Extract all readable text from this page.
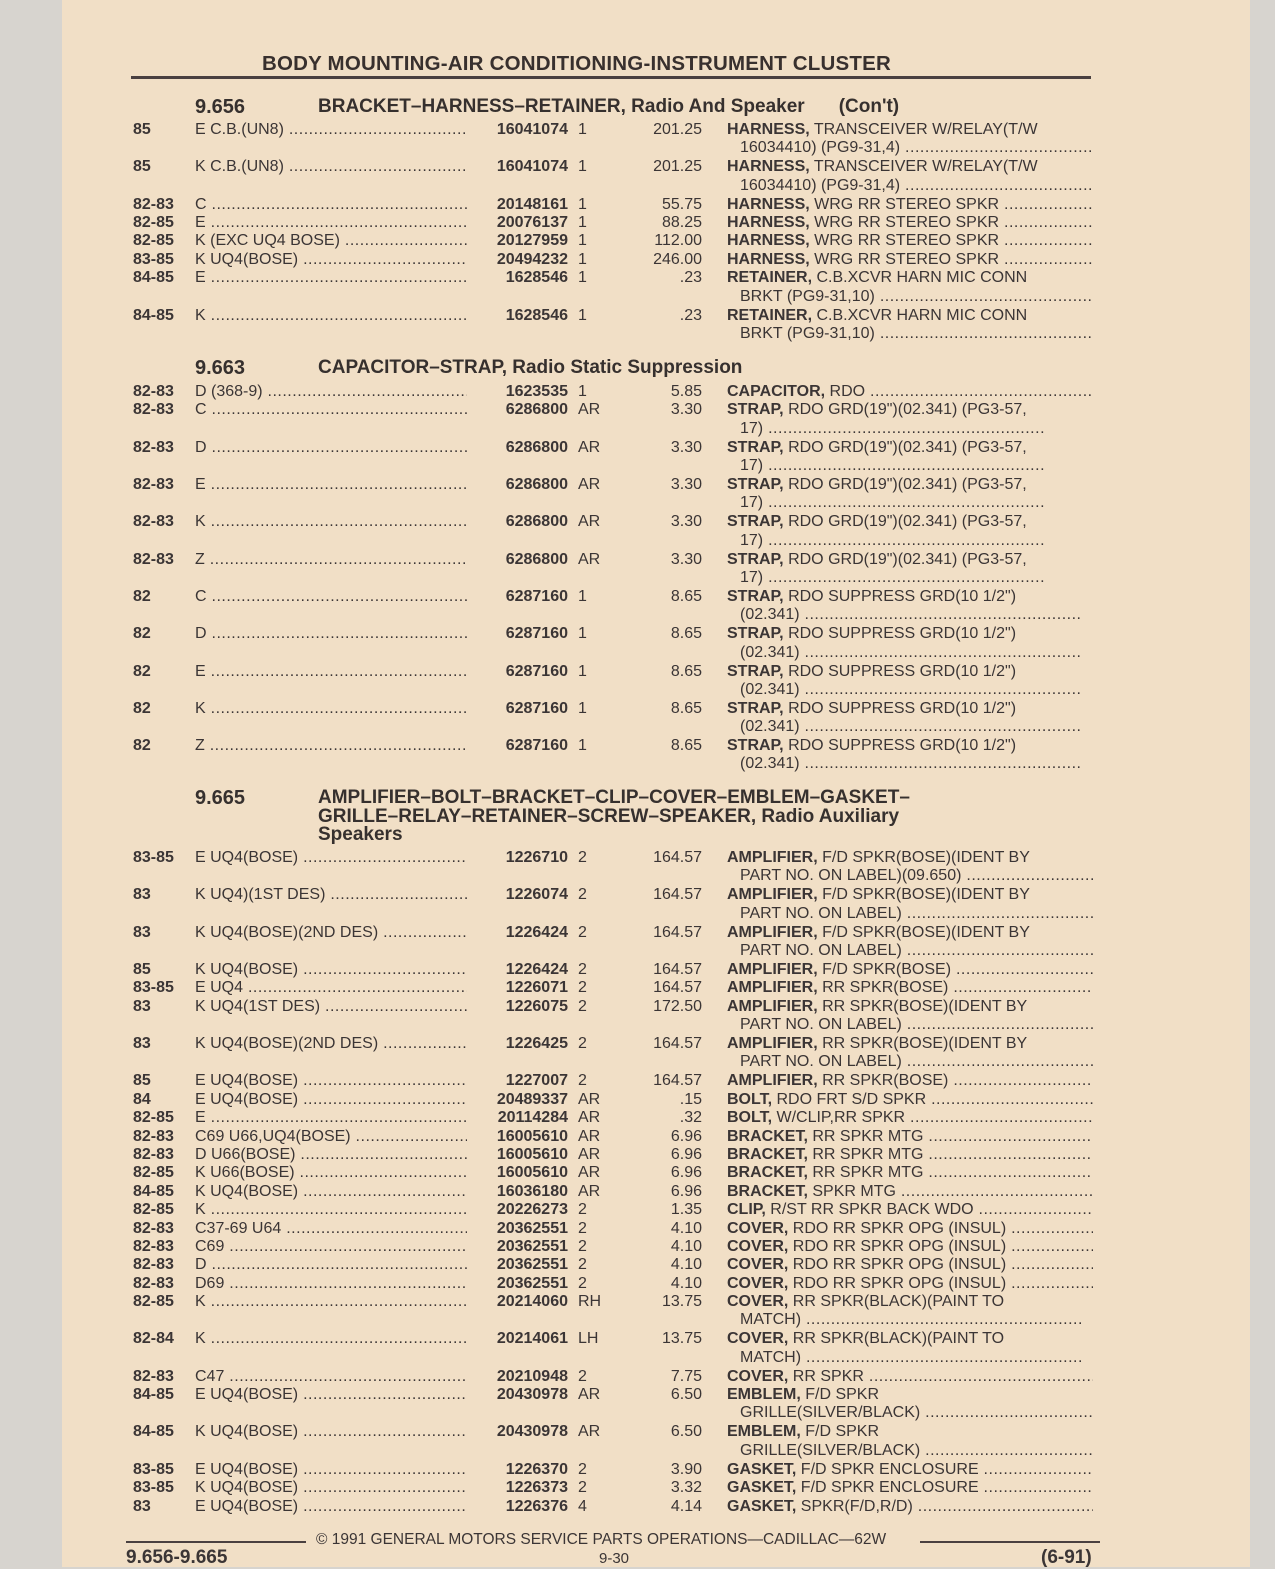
BODY MOUNTING-AIR CONDITIONING-INSTRUMENT CLUSTER
9.656	BRACKET–HARNESS–RETAINER, Radio And Speaker (Con't)
85	E C.B.(UN8) .....	16041074 1	201.25 HARNESS, TRANSCEIVER W/RELAY(T/W
16034410) (PG9-31,4) .....
85	K C.B.(UN8) .....	16041074 1	201.25 HARNESS, TRANSCEIVER W/RELAY(T/W
16034410) (PG9-31,4) .....
82-83 C .....	20148161 1	55.75 HARNESS, WRG RR STEREO SPKR .....
82-85 E .....	20076137 1	88.25 HARNESS, WRG RR STEREO SPKR .....
82-85 K (EXC UQ4 BOSE) .....	20127959 1	112.00 HARNESS, WRG RR STEREO SPKR .....
83-85 K UQ4(BOSE) .....	20494232 1	246.00 HARNESS, WRG RR STEREO SPKR .....
84-85 E .....	1628546 1	.23 RETAINER, C.B.XCVR HARN MIC CONN
BRKT (PG9-31,10) .....
84-85 K .....	1628546 1	.23 RETAINER, C.B.XCVR HARN MIC CONN
BRKT (PG9-31,10) .....
9.663	CAPACITOR–STRAP, Radio Static Suppression
82-83 D (368-9) .....	1623535 1	5.85 CAPACITOR, RDO .....
82-83 C .....	6286800 AR	3.30 STRAP, RDO GRD(19")(02.341) (PG3-57,
17) .....
82-83 D .....	6286800 AR	3.30 STRAP, RDO GRD(19")(02.341) (PG3-57,
17) .....
82-83 E .....	6286800 AR	3.30 STRAP, RDO GRD(19")(02.341) (PG3-57,
17) .....
82-83 K .....	6286800 AR	3.30 STRAP, RDO GRD(19")(02.341) (PG3-57,
17) .....
82-83 Z .....	6286800 AR	3.30 STRAP, RDO GRD(19")(02.341) (PG3-57,
17) .....
82	C .....	6287160 1	8.65 STRAP, RDO SUPPRESS GRD(10 1/2")
(02.341) .....
82	D .....	6287160 1	8.65 STRAP, RDO SUPPRESS GRD(10 1/2")
(02.341) .....
82	E .....	6287160 1	8.65 STRAP, RDO SUPPRESS GRD(10 1/2")
(02.341) .....
82	K .....	6287160 1	8.65 STRAP, RDO SUPPRESS GRD(10 1/2")
(02.341) .....
82	Z .....	6287160 1	8.65 STRAP, RDO SUPPRESS GRD(10 1/2")
(02.341) .....
9.665	AMPLIFIER–BOLT–BRACKET–CLIP–COVER–EMBLEM–GASKET–
GRILLE–RELAY–RETAINER–SCREW–SPEAKER, Radio Auxiliary
Speakers
83-85 E UQ4(BOSE) .....	1226710 2	164.57 AMPLIFIER, F/D SPKR(BOSE)(IDENT BY
PART NO. ON LABEL)(09.650) .....
83	K UQ4)(1ST DES) .....	1226074 2	164.57 AMPLIFIER, F/D SPKR(BOSE)(IDENT BY
PART NO. ON LABEL) .....
83	K UQ4(BOSE)(2ND DES) .....	1226424 2	164.57 AMPLIFIER, F/D SPKR(BOSE)(IDENT BY
PART NO. ON LABEL) .....
85	K UQ4(BOSE) .....	1226424 2	164.57 AMPLIFIER, F/D SPKR(BOSE) .....
83-85 E UQ4 .....	1226071 2	164.57 AMPLIFIER, RR SPKR(BOSE) .....
83	K UQ4(1ST DES) .....	1226075 2	172.50 AMPLIFIER, RR SPKR(BOSE)(IDENT BY
PART NO. ON LABEL) .....
83	K UQ4(BOSE)(2ND DES) .....	1226425 2	164.57 AMPLIFIER, RR SPKR(BOSE)(IDENT BY
PART NO. ON LABEL) .....
85	E UQ4(BOSE) .....	1227007 2	164.57 AMPLIFIER, RR SPKR(BOSE) .....
84	E UQ4(BOSE) .....	20489337 AR	.15 BOLT, RDO FRT S/D SPKR .....
82-85 E .....	20114284 AR	.32 BOLT, W/CLIP,RR SPKR .....
82-83 C69 U66,UQ4(BOSE) .....	16005610 AR	6.96 BRACKET, RR SPKR MTG .....
82-83 D U66(BOSE) .....	16005610 AR	6.96 BRACKET, RR SPKR MTG .....
82-85 K U66(BOSE) .....	16005610 AR	6.96 BRACKET, RR SPKR MTG .....
84-85 K UQ4(BOSE) .....	16036180 AR	6.96 BRACKET, SPKR MTG .....
82-85 K .....	20226273 2	1.35 CLIP, R/ST RR SPKR BACK WDO .....
82-83 C37-69 U64 .....	20362551 2	4.10 COVER, RDO RR SPKR OPG (INSUL) .....
82-83 C69 .....	20362551 2	4.10 COVER, RDO RR SPKR OPG (INSUL) .....
82-83 D .....	20362551 2	4.10 COVER, RDO RR SPKR OPG (INSUL) .....
82-83 D69 .....	20362551 2	4.10 COVER, RDO RR SPKR OPG (INSUL) .....
82-85 K .....	20214060 RH	13.75 COVER, RR SPKR(BLACK)(PAINT TO
MATCH) .....
82-84 K .....	20214061 LH	13.75 COVER, RR SPKR(BLACK)(PAINT TO
MATCH) .....
82-83 C47 .....	20210948 2	7.75 COVER, RR SPKR .....
84-85 E UQ4(BOSE) .....	20430978 AR	6.50 EMBLEM, F/D SPKR
GRILLE(SILVER/BLACK) .....
84-85 K UQ4(BOSE) .....	20430978 AR	6.50 EMBLEM, F/D SPKR
GRILLE(SILVER/BLACK) .....
83-85 E UQ4(BOSE) .....	1226370 2	3.90 GASKET, F/D SPKR ENCLOSURE .....
83-85 K UQ4(BOSE) .....	1226373 2	3.32 GASKET, F/D SPKR ENCLOSURE .....
83	E UQ4(BOSE) .....	1226376 4	4.14 GASKET, SPKR(F/D,R/D) .....
© 1991 GENERAL MOTORS SERVICE PARTS OPERATIONS—CADILLAC—62W
9.656-9.665	9-30	(6-91)
